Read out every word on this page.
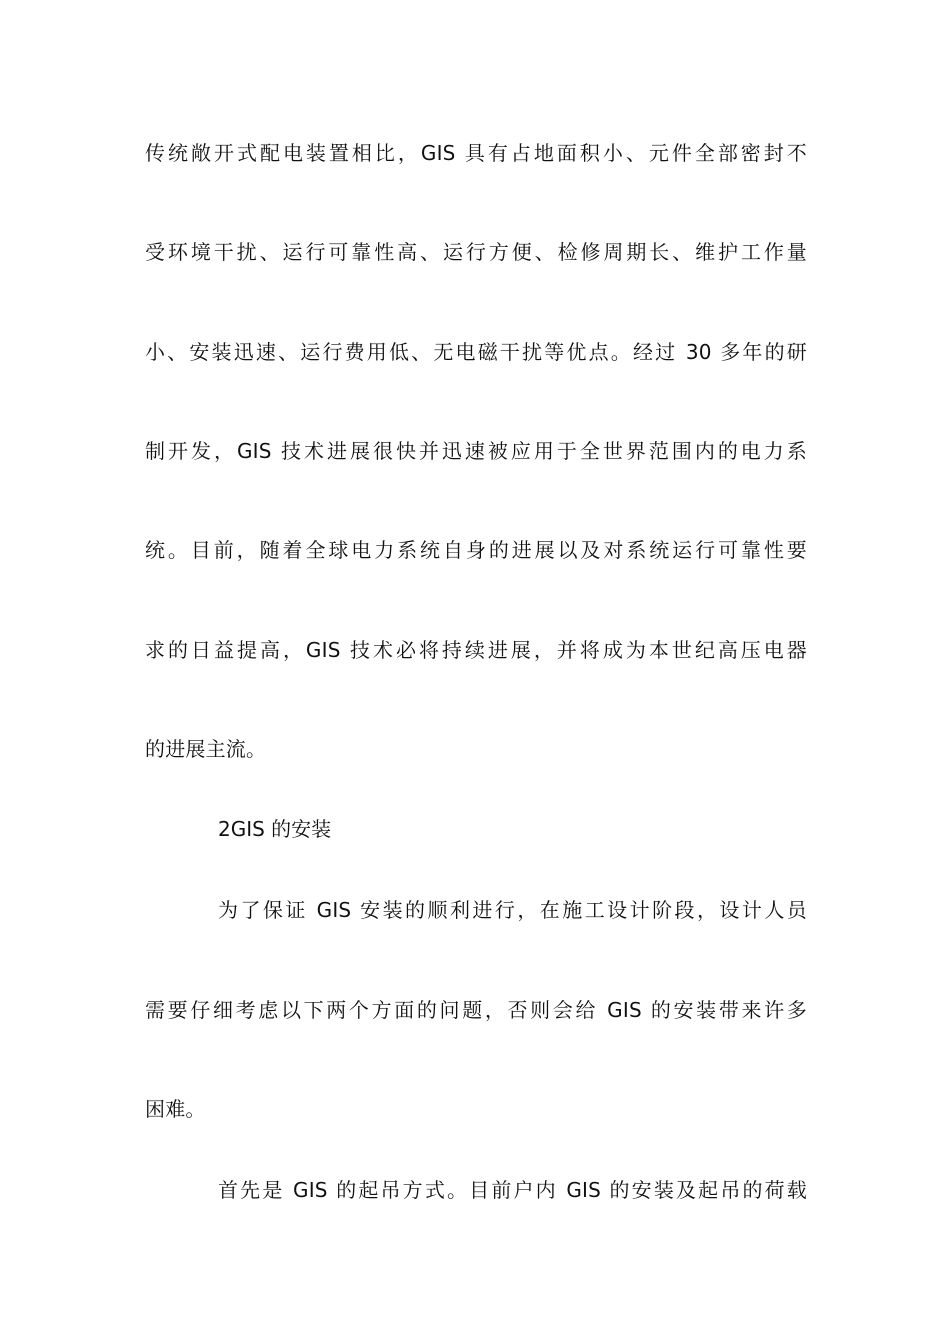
传统敞开式配电装置相比，GIS 具有占地面积小、元件全部密封不
受环境干扰、运行可靠性高、运行方便、检修周期长、维护工作量
小、安装迅速、运行费用低、无电磁干扰等优点。经过 30 多年的研
制开发，GIS 技术进展很快并迅速被应用于全世界范围内的电力系
统。目前，随着全球电力系统自身的进展以及对系统运行可靠性要
求的日益提高，GIS 技术必将持续进展，并将成为本世纪高压电器
的进展主流。
2GIS 的安装
为了保证 GIS 安装的顺利进行，在施工设计阶段，设计人员
需要仔细考虑以下两个方面的问题，否则会给 GIS 的安装带来许多
困难。
首先是 GIS 的起吊方式。目前户内 GIS 的安装及起吊的荷载
